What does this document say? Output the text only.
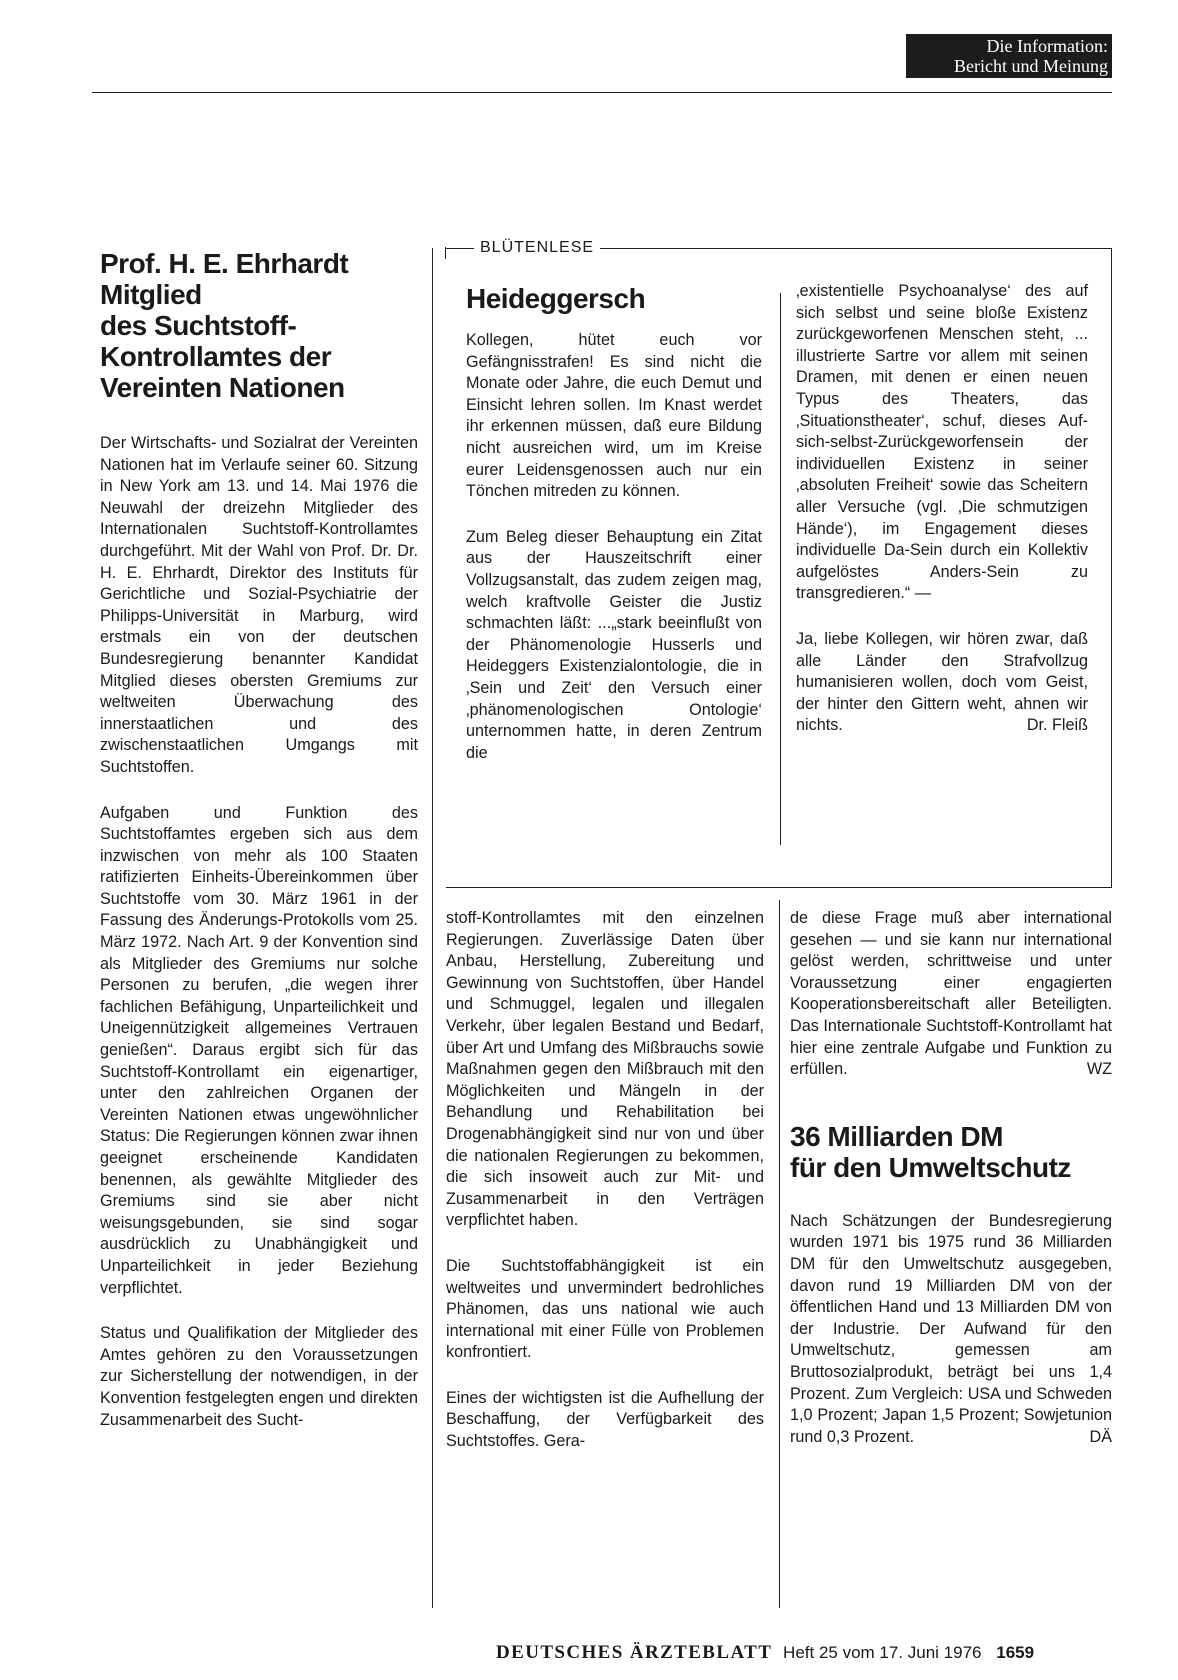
Die Information:
Bericht und Meinung
Prof. H. E. Ehrhardt
Mitglied
des Suchtstoff-
Kontrollamtes der
Vereinten Nationen

Der Wirtschafts- und Sozialrat der Vereinten Nationen hat im Verlaufe seiner 60. Sitzung in New York am 13. und 14. Mai 1976 die Neuwahl der dreizehn Mitglieder des Internationalen Suchtstoff-Kontrollamtes durchgeführt. Mit der Wahl von Prof. Dr. Dr. H. E. Ehrhardt, Direktor des Instituts für Gerichtliche und Sozial-Psychiatrie der Philipps-Universität in Marburg, wird erstmals ein von der deutschen Bundesregierung benannter Kandidat Mitglied dieses obersten Gremiums zur weltweiten Überwachung des innerstaatlichen und des zwischenstaatlichen Umgangs mit Suchtstoffen.

Aufgaben und Funktion des Suchtstoffamtes ergeben sich aus dem inzwischen von mehr als 100 Staaten ratifizierten Einheits-Übereinkommen über Suchtstoffe vom 30. März 1961 in der Fassung des Änderungs-Protokolls vom 25. März 1972. Nach Art. 9 der Konvention sind als Mitglieder des Gremiums nur solche Personen zu berufen, „die wegen ihrer fachlichen Befähigung, Unparteilichkeit und Uneigennützigkeit allgemeines Vertrauen genießen“. Daraus ergibt sich für das Suchtstoff-Kontrollamt ein eigenartiger, unter den zahlreichen Organen der Vereinten Nationen etwas ungewöhnlicher Status: Die Regierungen können zwar ihnen geeignet erscheinende Kandidaten benennen, als gewählte Mitglieder des Gremiums sind sie aber nicht weisungsgebunden, sie sind sogar ausdrücklich zu Unabhängigkeit und Unparteilichkeit in jeder Beziehung verpflichtet.

Status und Qualifikation der Mitglieder des Amtes gehören zu den Voraussetzungen zur Sicherstellung der notwendigen, in der Konvention festgelegten engen und direkten Zusammenarbeit des Sucht-

BLÜTENLESE
Heideggersch

Kollegen, hütet euch vor Gefängnisstrafen! Es sind nicht die Monate oder Jahre, die euch Demut und Einsicht lehren sollen. Im Knast werdet ihr erkennen müssen, daß eure Bildung nicht ausreichen wird, um im Kreise eurer Leidensgenossen auch nur ein Tönchen mitreden zu können.

Zum Beleg dieser Behauptung ein Zitat aus der Hauszeitschrift einer Vollzugsanstalt, das zudem zeigen mag, welch kraftvolle Geister die Justiz schmachten läßt: ...„stark beeinflußt von der Phänomenologie Husserls und Heideggers Existenzialontologie, die in ‚Sein und Zeit‘ den Versuch einer ‚phänomenologischen Ontologie‘ unternommen hatte, in deren Zentrum die

‚existentielle Psychoanalyse‘ des auf sich selbst und seine bloße Existenz zurückgeworfenen Menschen steht, ... illustrierte Sartre vor allem mit seinen Dramen, mit denen er einen neuen Typus des Theaters, das ‚Situationstheater‘, schuf, dieses Auf-sich-selbst-Zurückgeworfensein der individuellen Existenz in seiner ‚absoluten Freiheit‘ sowie das Scheitern aller Versuche (vgl. ‚Die schmutzigen Hände‘), im Engagement dieses individuelle Da-Sein durch ein Kollektiv aufgelöstes Anders-Sein zu transgredieren.“ —

Ja, liebe Kollegen, wir hören zwar, daß alle Länder den Strafvollzug humanisieren wollen, doch vom Geist, der hinter den Gittern weht, ahnen wir nichts.	Dr. Fleiß

stoff-Kontrollamtes mit den einzelnen Regierungen. Zuverlässige Daten über Anbau, Herstellung, Zubereitung und Gewinnung von Suchtstoffen, über Handel und Schmuggel, legalen und illegalen Verkehr, über legalen Bestand und Bedarf, über Art und Umfang des Mißbrauchs sowie Maßnahmen gegen den Mißbrauch mit den Möglichkeiten und Mängeln in der Behandlung und Rehabilitation bei Drogenabhängigkeit sind nur von und über die nationalen Regierungen zu bekommen, die sich insoweit auch zur Mit- und Zusammenarbeit in den Verträgen verpflichtet haben.

Die Suchtstoffabhängigkeit ist ein weltweites und unvermindert bedrohliches Phänomen, das uns national wie auch international mit einer Fülle von Problemen konfrontiert.

Eines der wichtigsten ist die Aufhellung der Beschaffung, der Verfügbarkeit des Suchtstoffes. Gera-

de diese Frage muß aber international gesehen — und sie kann nur international gelöst werden, schrittweise und unter Voraussetzung einer engagierten Kooperationsbereitschaft aller Beteiligten. Das Internationale Suchtstoff-Kontrollamt hat hier eine zentrale Aufgabe und Funktion zu erfüllen.	WZ

36 Milliarden DM
für den Umweltschutz

Nach Schätzungen der Bundesregierung wurden 1971 bis 1975 rund 36 Milliarden DM für den Umweltschutz ausgegeben, davon rund 19 Milliarden DM von der öffentlichen Hand und 13 Milliarden DM von der Industrie. Der Aufwand für den Umweltschutz, gemessen am Bruttosozialprodukt, beträgt bei uns 1,4 Prozent. Zum Vergleich: USA und Schweden 1,0 Prozent; Japan 1,5 Prozent; Sowjetunion rund 0,3 Prozent.	DÄ

DEUTSCHES ÄRZTEBLATT Heft 25 vom 17. Juni 1976 1659
